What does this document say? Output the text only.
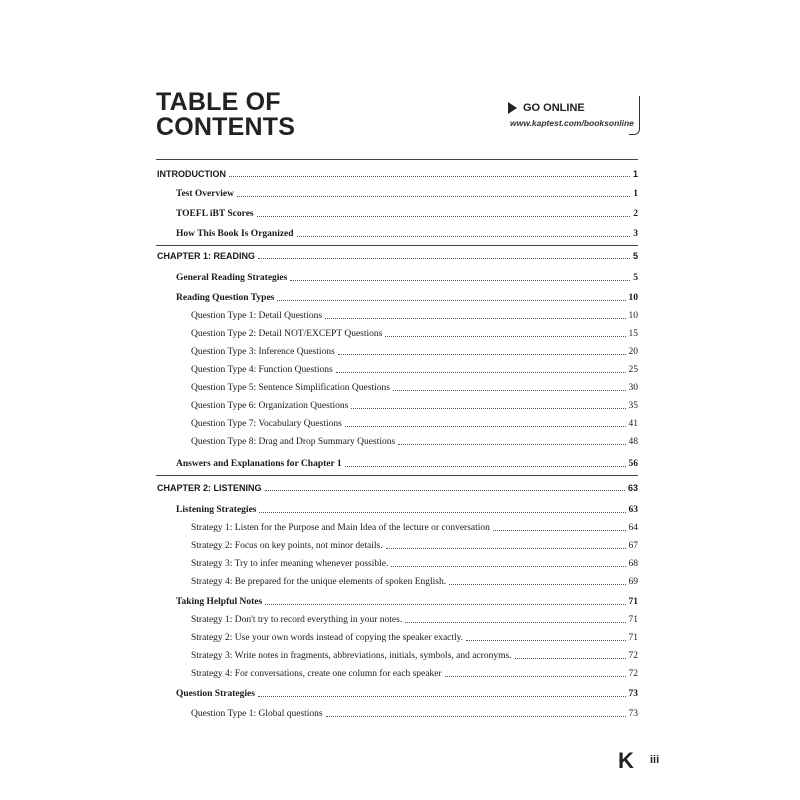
TABLE OF
CONTENTS
GO ONLINE
www.kaptest.com/booksonline
INTRODUCTION	1
Test Overview	1
TOEFL iBT Scores	2
How This Book Is Organized	3
CHAPTER 1: READING	5
General Reading Strategies	5
Reading Question Types	10
Question Type 1: Detail Questions	10
Question Type 2: Detail NOT/EXCEPT Questions	15
Question Type 3: Inference Questions	20
Question Type 4: Function Questions	25
Question Type 5: Sentence Simplification Questions	30
Question Type 6: Organization Questions	35
Question Type 7: Vocabulary Questions	41
Question Type 8: Drag and Drop Summary Questions	48
Answers and Explanations for Chapter 1	56
CHAPTER 2: LISTENING	63
Listening Strategies	63
Strategy 1: Listen for the Purpose and Main Idea of the lecture or conversation	64
Strategy 2: Focus on key points, not minor details.	67
Strategy 3: Try to infer meaning whenever possible.	68
Strategy 4: Be prepared for the unique elements of spoken English.	69
Taking Helpful Notes	71
Strategy 1: Don't try to record everything in your notes.	71
Strategy 2: Use your own words instead of copying the speaker exactly.	71
Strategy 3: Write notes in fragments, abbreviations, initials, symbols, and acronyms.	72
Strategy 4: For conversations, create one column for each speaker	72
Question Strategies	73
Question Type 1: Global questions	73
K iii
